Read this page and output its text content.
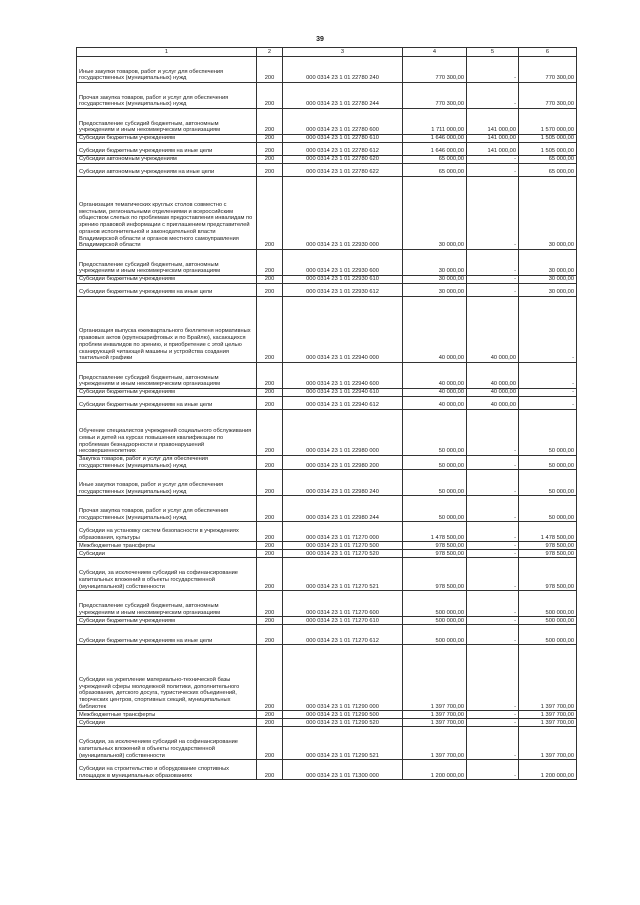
39
1	2	3	4	5	6
Иные закупки товаров, работ и услуг для обеспечения государственных (муниципальных) нужд	200	000 0314 23 1 01 22780 240	770 300,00	-	770 300,00
Прочая закупка товаров, работ и услуг для обеспечения государственных (муниципальных) нужд	200	000 0314 23 1 01 22780 244	770 300,00	-	770 300,00
Предоставление субсидий бюджетным, автономным учреждениям и иным некоммерческим организациям	200	000 0314 23 1 01 22780 600	1 711 000,00	141 000,00	1 570 000,00
Субсидии бюджетным учреждениям	200	000 0314 23 1 01 22780 610	1 646 000,00	141 000,00	1 505 000,00
Субсидии бюджетным учреждениям на иные цели	200	000 0314 23 1 01 22780 612	1 646 000,00	141 000,00	1 505 000,00
Субсидии автономным учреждениям	200	000 0314 23 1 01 22780 620	65 000,00	-	65 000,00
Субсидии автономным учреждениям на иные цели	200	000 0314 23 1 01 22780 622	65 000,00	-	65 000,00
Организация тематических круглых столов совместно с местными, региональными отделениями и всероссийским обществом слепых по проблемам предоставления инвалидам по зрению правовой информации с приглашением представителей органов исполнительной и законодательной власти Владимирской области и органов местного самоуправления Владимирской области	200	000 0314 23 1 01 22930 000	30 000,00	-	30 000,00
Предоставление субсидий бюджетным, автономным учреждениям и иным некоммерческим организациям	200	000 0314 23 1 01 22930 600	30 000,00	-	30 000,00
Субсидии бюджетным учреждениям	200	000 0314 23 1 01 22930 610	30 000,00	-	30 000,00
Субсидии бюджетным учреждениям на иные цели	200	000 0314 23 1 01 22930 612	30 000,00	-	30 000,00
Организация выпуска ежеквартального бюллетеня нормативных правовых актов (крупношрифтовых и по Брайлю), касающихся проблем инвалидов по зрению, и приобретение с этой целью сканирующей читающей машины и устройства создания тактильной графики	200	000 0314 23 1 01 22940 000	40 000,00	40 000,00	-
Предоставление субсидий бюджетным, автономным учреждениям и иным некоммерческим организациям	200	000 0314 23 1 01 22940 600	40 000,00	40 000,00	-
Субсидии бюджетным учреждениям	200	000 0314 23 1 01 22940 610	40 000,00	40 000,00	-
Субсидии бюджетным учреждениям на иные цели	200	000 0314 23 1 01 22940 612	40 000,00	40 000,00	-
Обучение специалистов учреждений социального обслуживания семьи и детей на курсах повышения квалификации по проблемам безнадзорности и правонарушений несовершеннолетних	200	000 0314 23 1 01 22980 000	50 000,00	-	50 000,00
Закупка товаров, работ и услуг для обеспечения государственных (муниципальных) нужд	200	000 0314 23 1 01 22980 200	50 000,00	-	50 000,00
Иные закупки товаров, работ и услуг для обеспечения государственных (муниципальных) нужд	200	000 0314 23 1 01 22980 240	50 000,00	-	50 000,00
Прочая закупка товаров, работ и услуг для обеспечения государственных (муниципальных) нужд	200	000 0314 23 1 01 22980 244	50 000,00	-	50 000,00
Субсидии на установку систем безопасности в учреждениях образования, культуры	200	000 0314 23 1 01 71270 000	1 478 500,00	-	1 478 500,00
Межбюджетные трансферты	200	000 0314 23 1 01 71270 500	978 500,00	-	978 500,00
Субсидии	200	000 0314 23 1 01 71270 520	978 500,00	-	978 500,00
Субсидии, за исключением субсидий на софинансирование капитальных вложений в объекты государственной (муниципальной) собственности	200	000 0314 23 1 01 71270 521	978 500,00	-	978 500,00
Предоставление субсидий бюджетным, автономным учреждениям и иным некоммерческим организациям	200	000 0314 23 1 01 71270 600	500 000,00	-	500 000,00
Субсидии бюджетным учреждениям	200	000 0314 23 1 01 71270 610	500 000,00	-	500 000,00
Субсидии бюджетным учреждениям на иные цели	200	000 0314 23 1 01 71270 612	500 000,00	-	500 000,00
Субсидии на укрепление материально-технической базы учреждений сферы молодежной политики, дополнительного образования, детского досуга, туристических объединений, творческих центров, спортивных секций, муниципальных библиотек	200	000 0314 23 1 01 71290 000	1 397 700,00	-	1 397 700,00
Межбюджетные трансферты	200	000 0314 23 1 01 71290 500	1 397 700,00	-	1 397 700,00
Субсидии	200	000 0314 23 1 01 71290 520	1 397 700,00	-	1 397 700,00
Субсидии, за исключением субсидий на софинансирование капитальных вложений в объекты государственной (муниципальной) собственности	200	000 0314 23 1 01 71290 521	1 397 700,00	-	1 397 700,00
Субсидии на строительство и оборудование спортивных площадок в муниципальных образованиях	200	000 0314 23 1 01 71300 000	1 200 000,00	-	1 200 000,00
